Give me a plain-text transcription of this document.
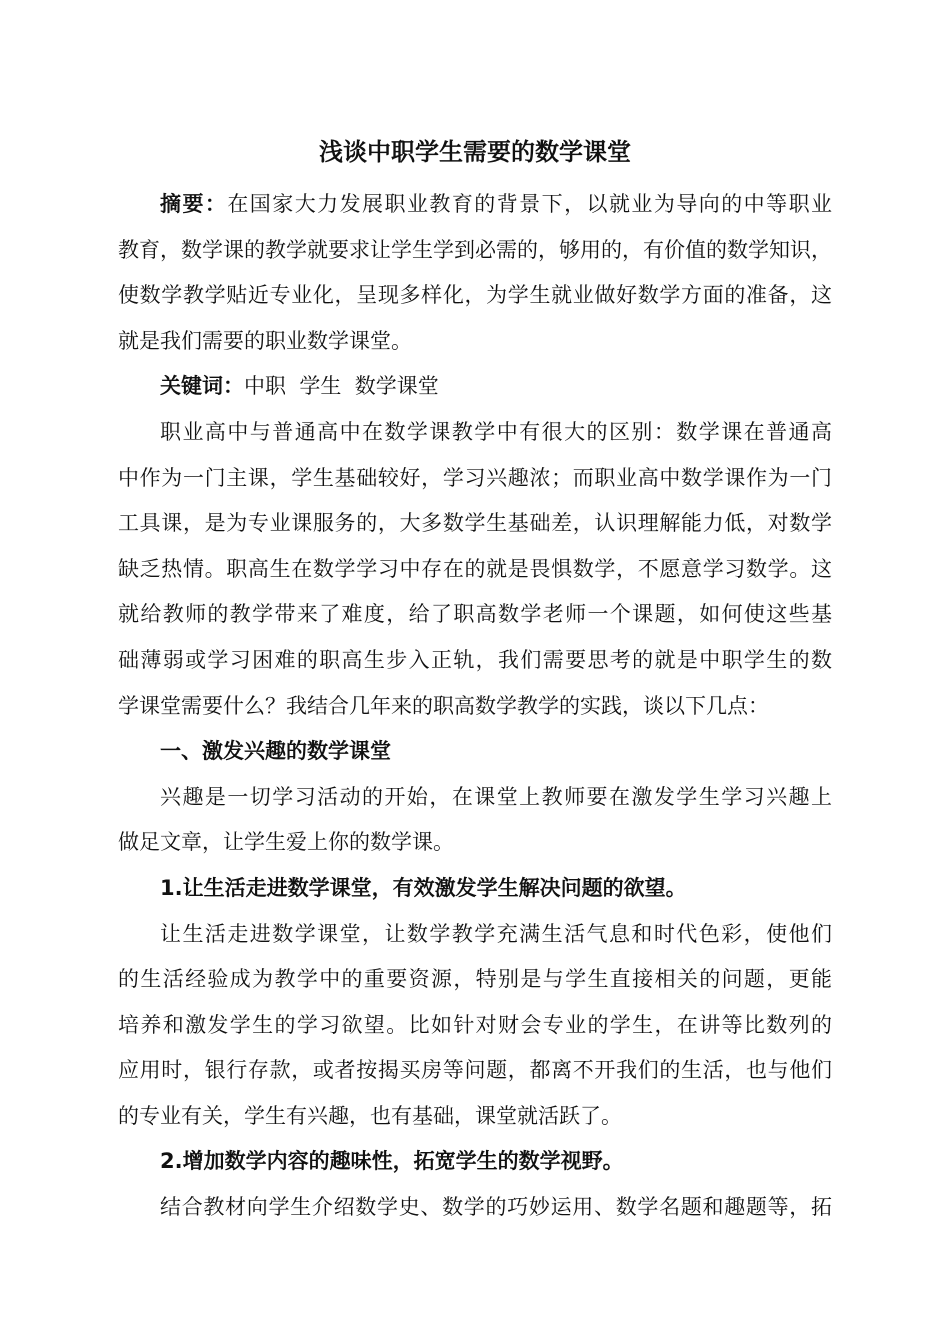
浅谈中职学生需要的数学课堂
摘要：在国家大力发展职业教育的背景下，以就业为导向的中等职业
教育，数学课的教学就要求让学生学到必需的，够用的，有价值的数学知识，
使数学教学贴近专业化，呈现多样化，为学生就业做好数学方面的准备，这
就是我们需要的职业数学课堂。
关键词：中职  学生  数学课堂
职业高中与普通高中在数学课教学中有很大的区别：数学课在普通高
中作为一门主课，学生基础较好，学习兴趣浓；而职业高中数学课作为一门
工具课，是为专业课服务的，大多数学生基础差，认识理解能力低，对数学
缺乏热情。职高生在数学学习中存在的就是畏惧数学，不愿意学习数学。这
就给教师的教学带来了难度，给了职高数学老师一个课题，如何使这些基
础薄弱或学习困难的职高生步入正轨，我们需要思考的就是中职学生的数
学课堂需要什么？我结合几年来的职高数学教学的实践，谈以下几点：
一、激发兴趣的数学课堂
兴趣是一切学习活动的开始，在课堂上教师要在激发学生学习兴趣上
做足文章，让学生爱上你的数学课。
1.让生活走进数学课堂，有效激发学生解决问题的欲望。
让生活走进数学课堂，让数学教学充满生活气息和时代色彩，使他们
的生活经验成为教学中的重要资源，特别是与学生直接相关的问题，更能
培养和激发学生的学习欲望。比如针对财会专业的学生，在讲等比数列的
应用时，银行存款，或者按揭买房等问题，都离不开我们的生活，也与他们
的专业有关，学生有兴趣，也有基础，课堂就活跃了。
2.增加数学内容的趣味性，拓宽学生的数学视野。
结合教材向学生介绍数学史、数学的巧妙运用、数学名题和趣题等，拓
